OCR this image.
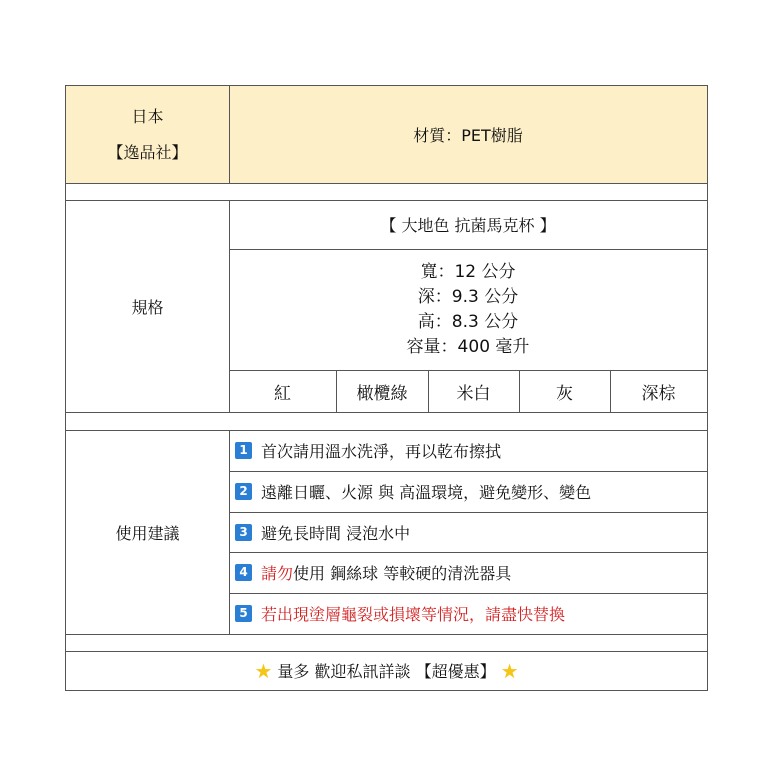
日本
【逸品社】
材質：PET樹脂
規格
【 大地色 抗菌馬克杯 】
寬：12 公分
深：9.3 公分
高：8.3 公分
容量：400 毫升
紅	橄欖綠	米白	灰	深棕
使用建議
1 首次請用溫水洗淨，再以乾布擦拭
2 遠離日曬、火源 與 高溫環境，避免變形、變色
3 避免長時間 浸泡水中
4 請勿 使用 鋼絲球 等較硬的清洗器具
5 若出現塗層龜裂或損壞等情況，請盡快替換
★ 量多 歡迎私訊詳談 【超優惠】 ★
